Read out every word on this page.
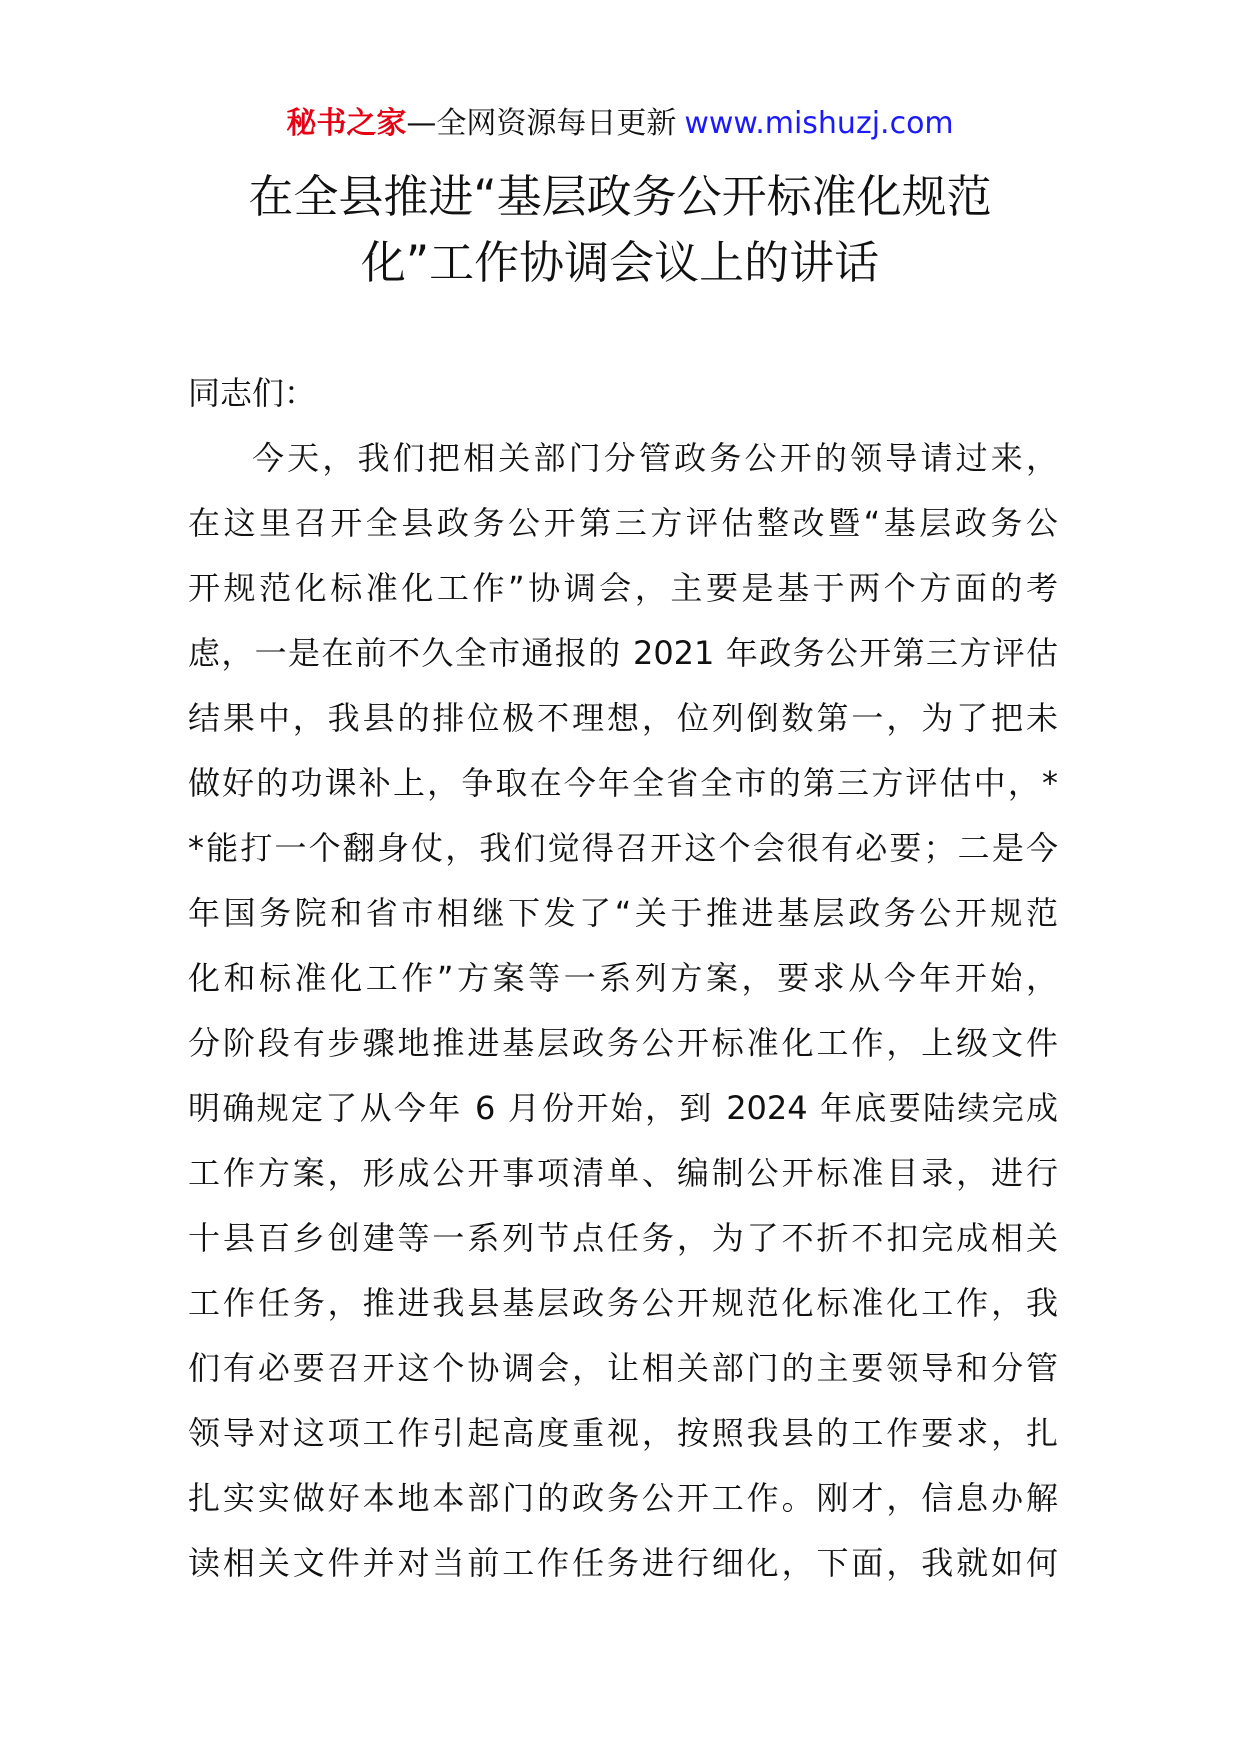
秘书之家—全网资源每日更新 www.mishuzj.com
在全县推进“基层政务公开标准化规范
化”工作协调会议上的讲话
同志们：
今天，我们把相关部门分管政务公开的领导请过来，
在这里召开全县政务公开第三方评估整改暨“基层政务公
开规范化标准化工作”协调会，主要是基于两个方面的考
虑，一是在前不久全市通报的 2021 年政务公开第三方评估
结果中，我县的排位极不理想，位列倒数第一，为了把未
做好的功课补上，争取在今年全省全市的第三方评估中，*
*能打一个翻身仗，我们觉得召开这个会很有必要；二是今
年国务院和省市相继下发了“关于推进基层政务公开规范
化和标准化工作”方案等一系列方案，要求从今年开始，
分阶段有步骤地推进基层政务公开标准化工作，上级文件
明确规定了从今年 6 月份开始，到 2024 年底要陆续完成
工作方案，形成公开事项清单、编制公开标准目录，进行
十县百乡创建等一系列节点任务，为了不折不扣完成相关
工作任务，推进我县基层政务公开规范化标准化工作，我
们有必要召开这个协调会，让相关部门的主要领导和分管
领导对这项工作引起高度重视，按照我县的工作要求，扎
扎实实做好本地本部门的政务公开工作。刚才，信息办解
读相关文件并对当前工作任务进行细化，下面，我就如何
